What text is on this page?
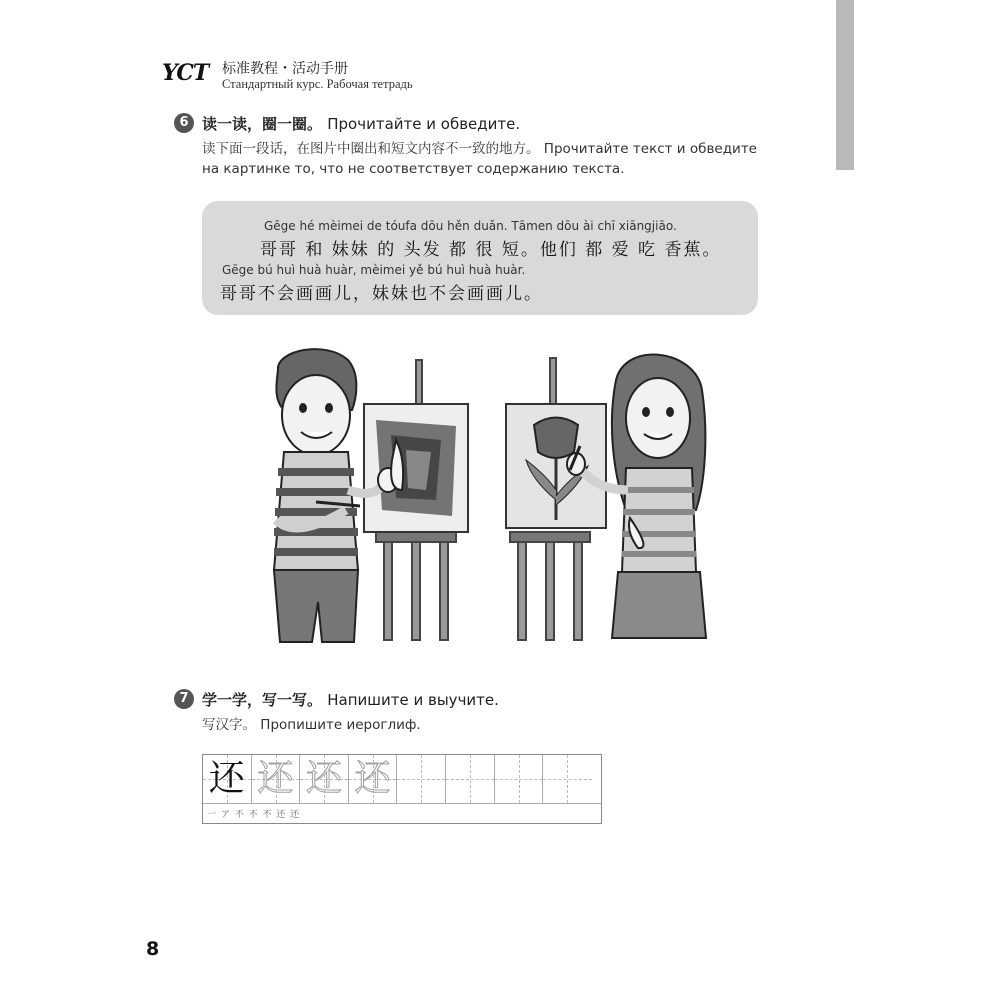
YCT 标准教程・活动手册
Стандартный курс. Рабочая тетрадь
6 读一读，圈一圈。 Прочитайте и обведите.
读下面一段话，在图片中圈出和短文内容不一致的地方。 Прочитайте текст и обведите
на картинке то, что не соответствует содержанию текста.
Gēge hé mèimei de tóufa dōu hěn duǎn. Tāmen dōu ài chī xiāngjiāo.
哥哥 和 妹妹 的 头发 都 很 短。他们 都 爱 吃 香蕉。
Gēge bú huì huà huàr, mèimei yě bú huì huà huàr.
哥哥不会画画儿，妹妹也不会画画儿。
7 学一学，写一写。 Напишите и выучите.
写汉字。 Пропишите иероглиф.
还 还 还 还
一 ア 不 不 不 还 还
8
